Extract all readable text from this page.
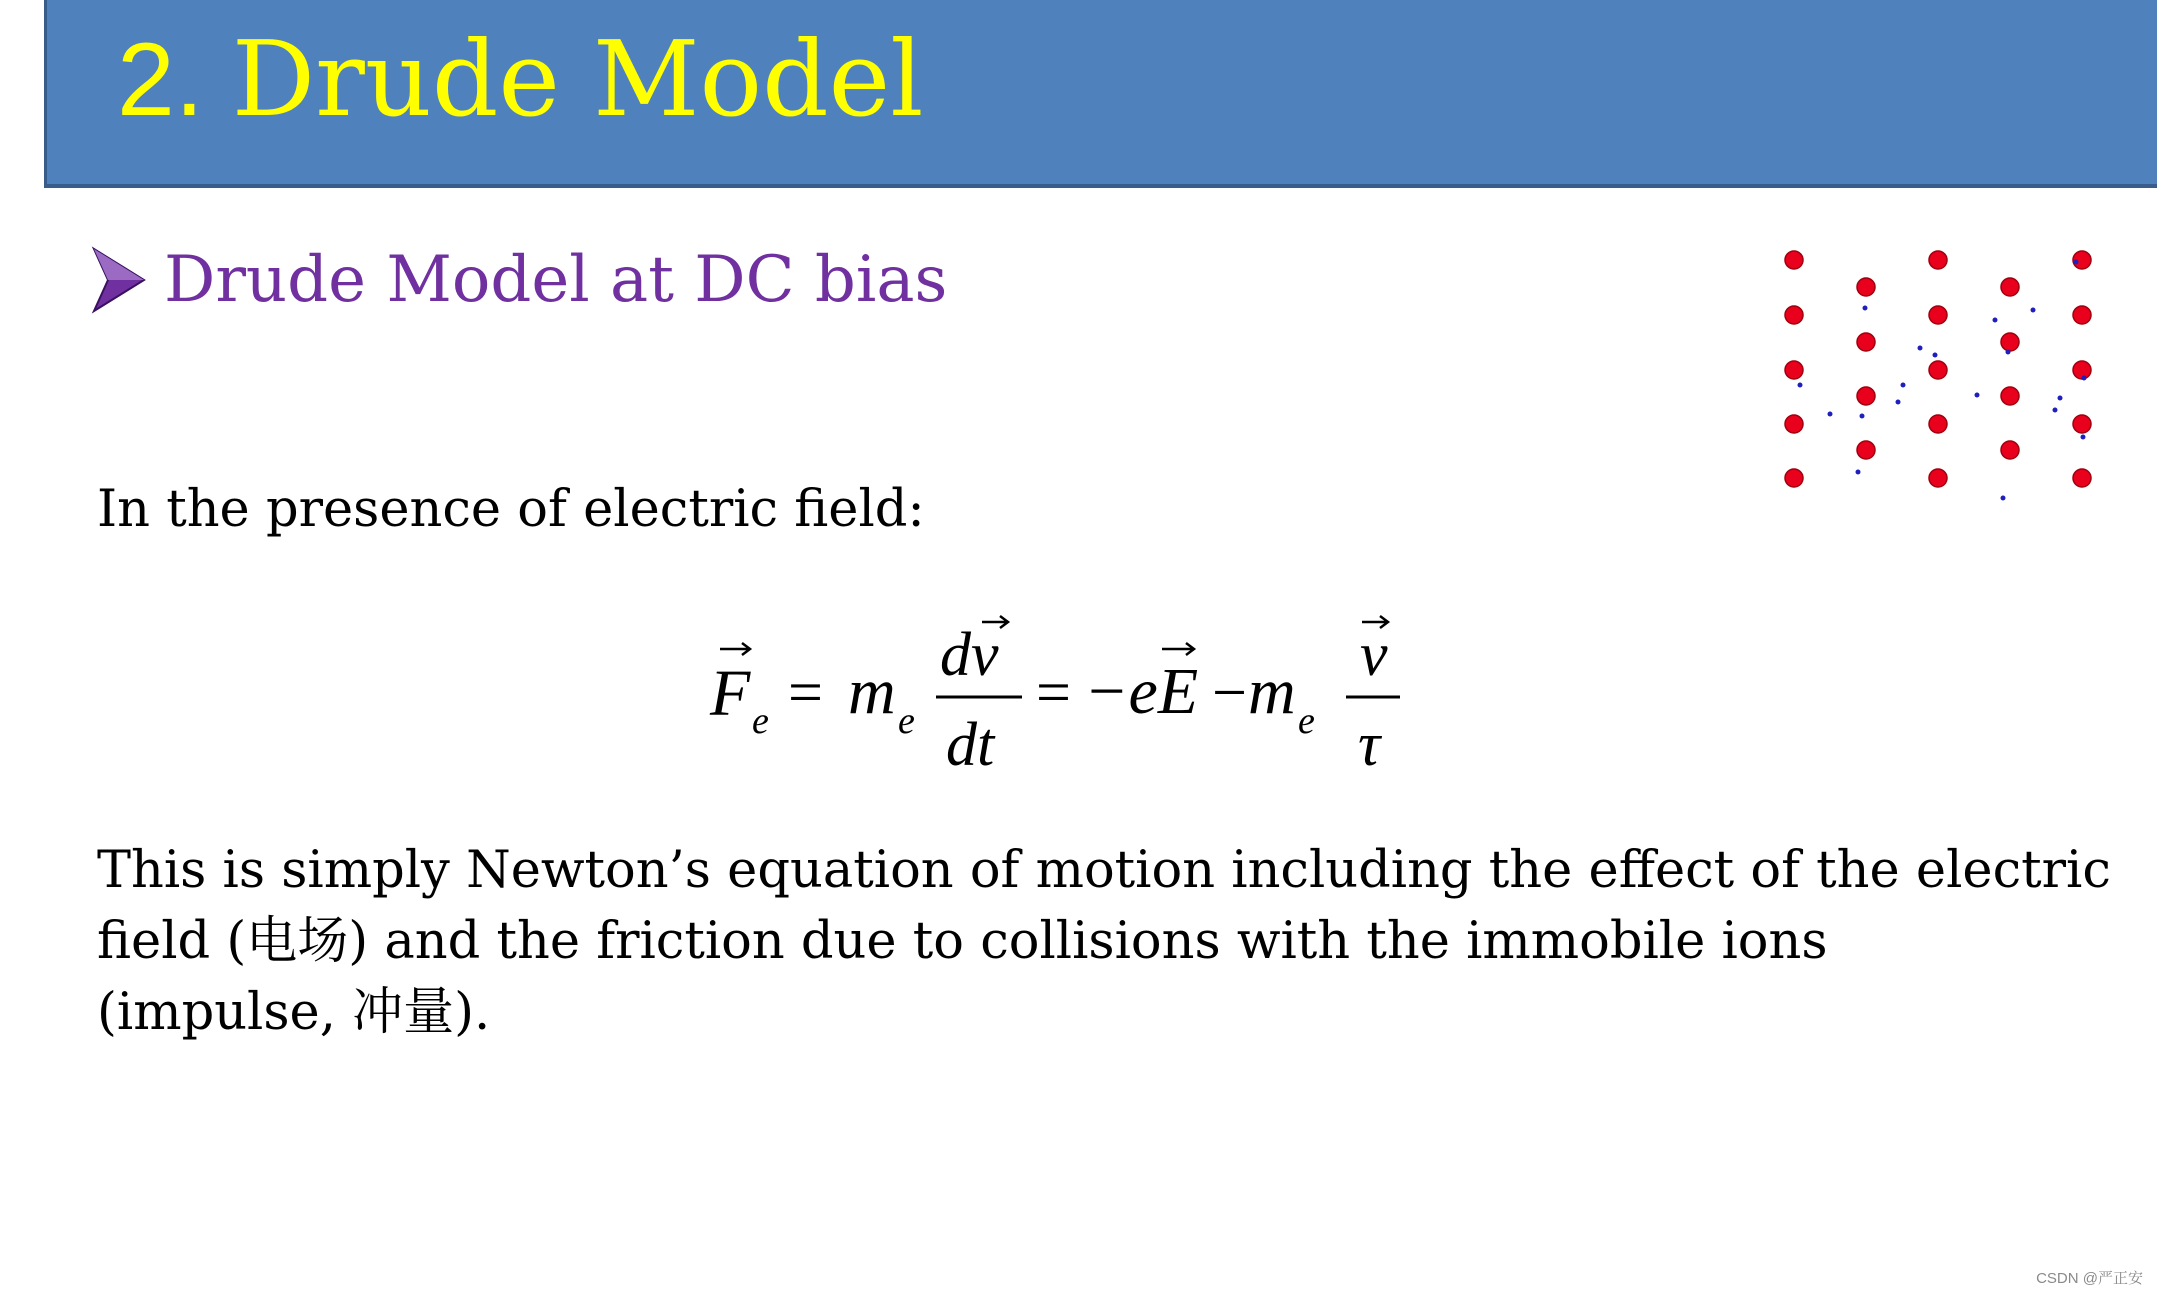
2. Drude Model
Drude Model at DC bias
In the presence of electric field:
F e = m e
dv
dt
= −eE − m e
v
τ
This is simply Newton’s equation of motion including the effect of the electric
field (电场) and the friction due to collisions with the immobile ions
(impulse, 冲量).
CSDN @严正安
